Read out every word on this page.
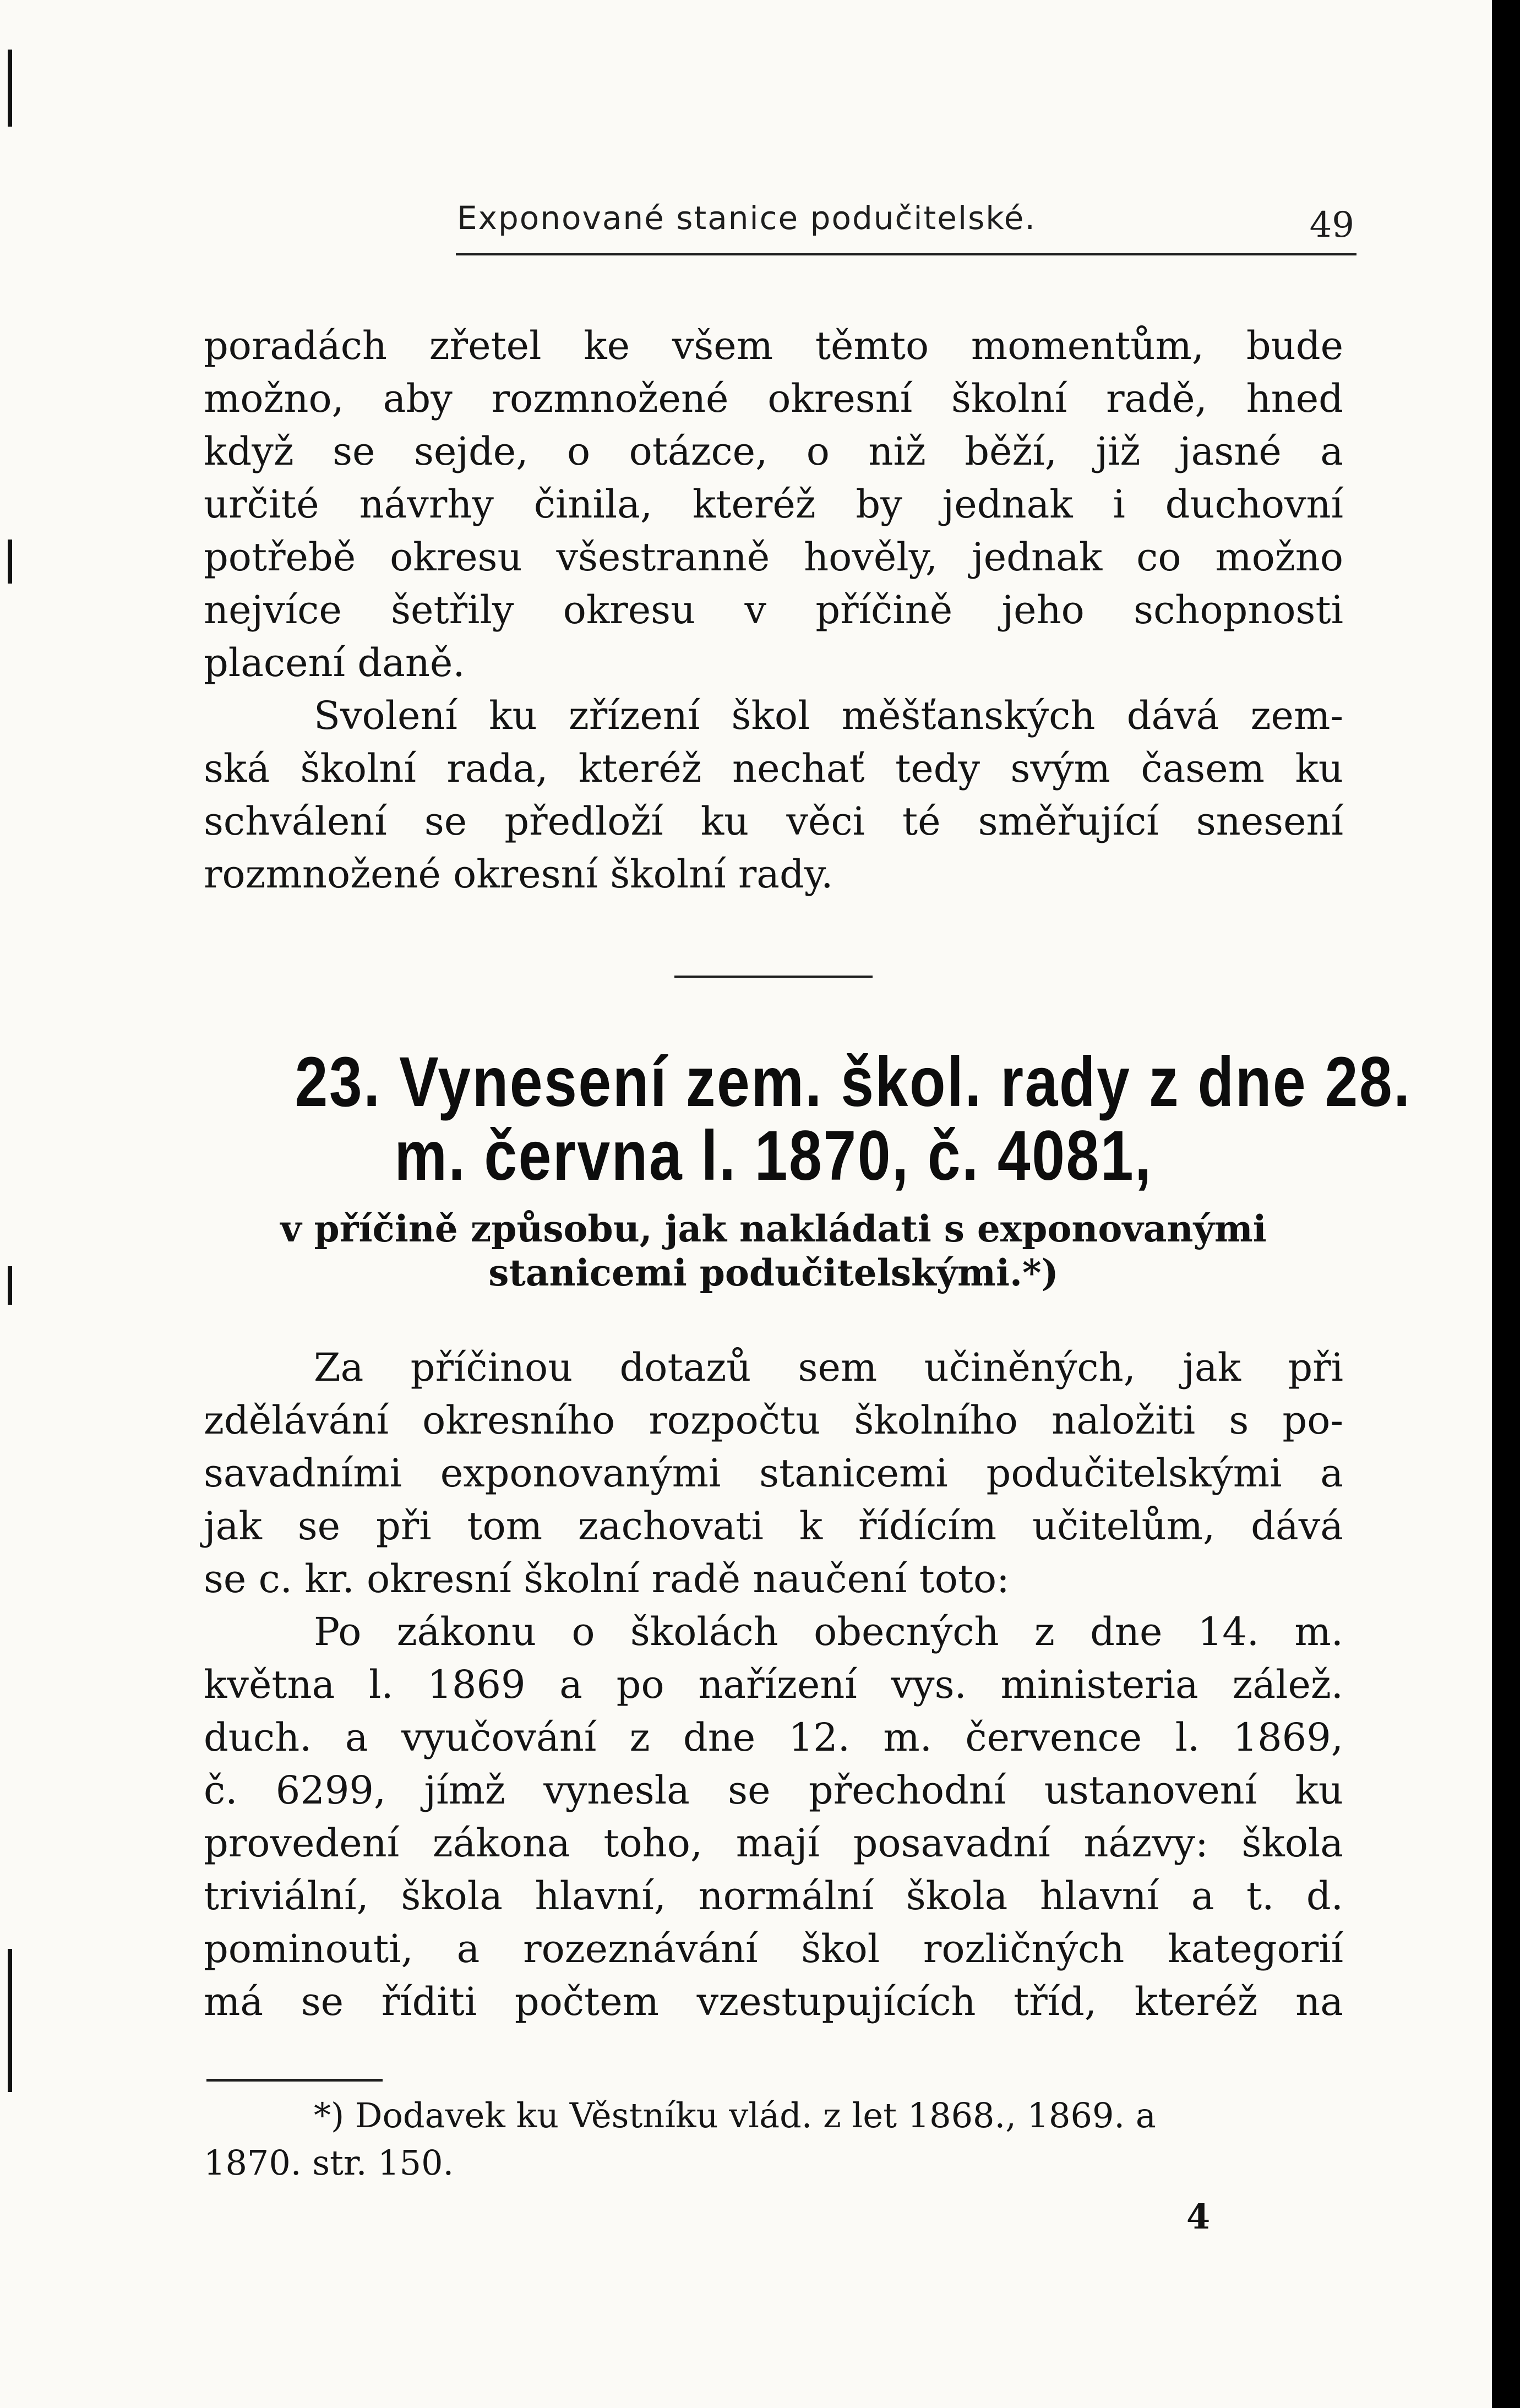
Exponované stanice podučitelské.	49
poradách zřetel ke všem těmto momentům, bude
možno, aby rozmnožené okresní školní radě, hned
když se sejde, o otázce, o niž běží, již jasné a
určité návrhy činila, kteréž by jednak i duchovní
potřebě okresu všestranně hověly, jednak co možno
nejvíce šetřily okresu v příčině jeho schopnosti
placení daně.
Svolení ku zřízení škol měšťanských dává zem-
ská školní rada, kteréž nechať tedy svým časem ku
schválení se předloží ku věci té směřující snesení
rozmnožené okresní školní rady.
23. Vynesení zem. škol. rady z dne 28.
m. června l. 1870, č. 4081,
v příčině způsobu, jak nakládati s exponovanými
stanicemi podučitelskými.*)
Za příčinou dotazů sem učiněných, jak při
zdělávání okresního rozpočtu školního naložiti s po-
savadními exponovanými stanicemi podučitelskými a
jak se při tom zachovati k řídícím učitelům, dává
se c. kr. okresní školní radě naučení toto:
Po zákonu o školách obecných z dne 14. m.
května l. 1869 a po nařízení vys. ministeria zálež.
duch. a vyučování z dne 12. m. července l. 1869,
č. 6299, jímž vynesla se přechodní ustanovení ku
provedení zákona toho, mají posavadní názvy: škola
triviální, škola hlavní, normální škola hlavní a t. d.
pominouti, a rozeznávání škol rozličných kategorií
má se říditi počtem vzestupujících tříd, kteréž na
*) Dodavek ku Věstníku vlád. z let 1868., 1869. a
1870. str. 150.
4
